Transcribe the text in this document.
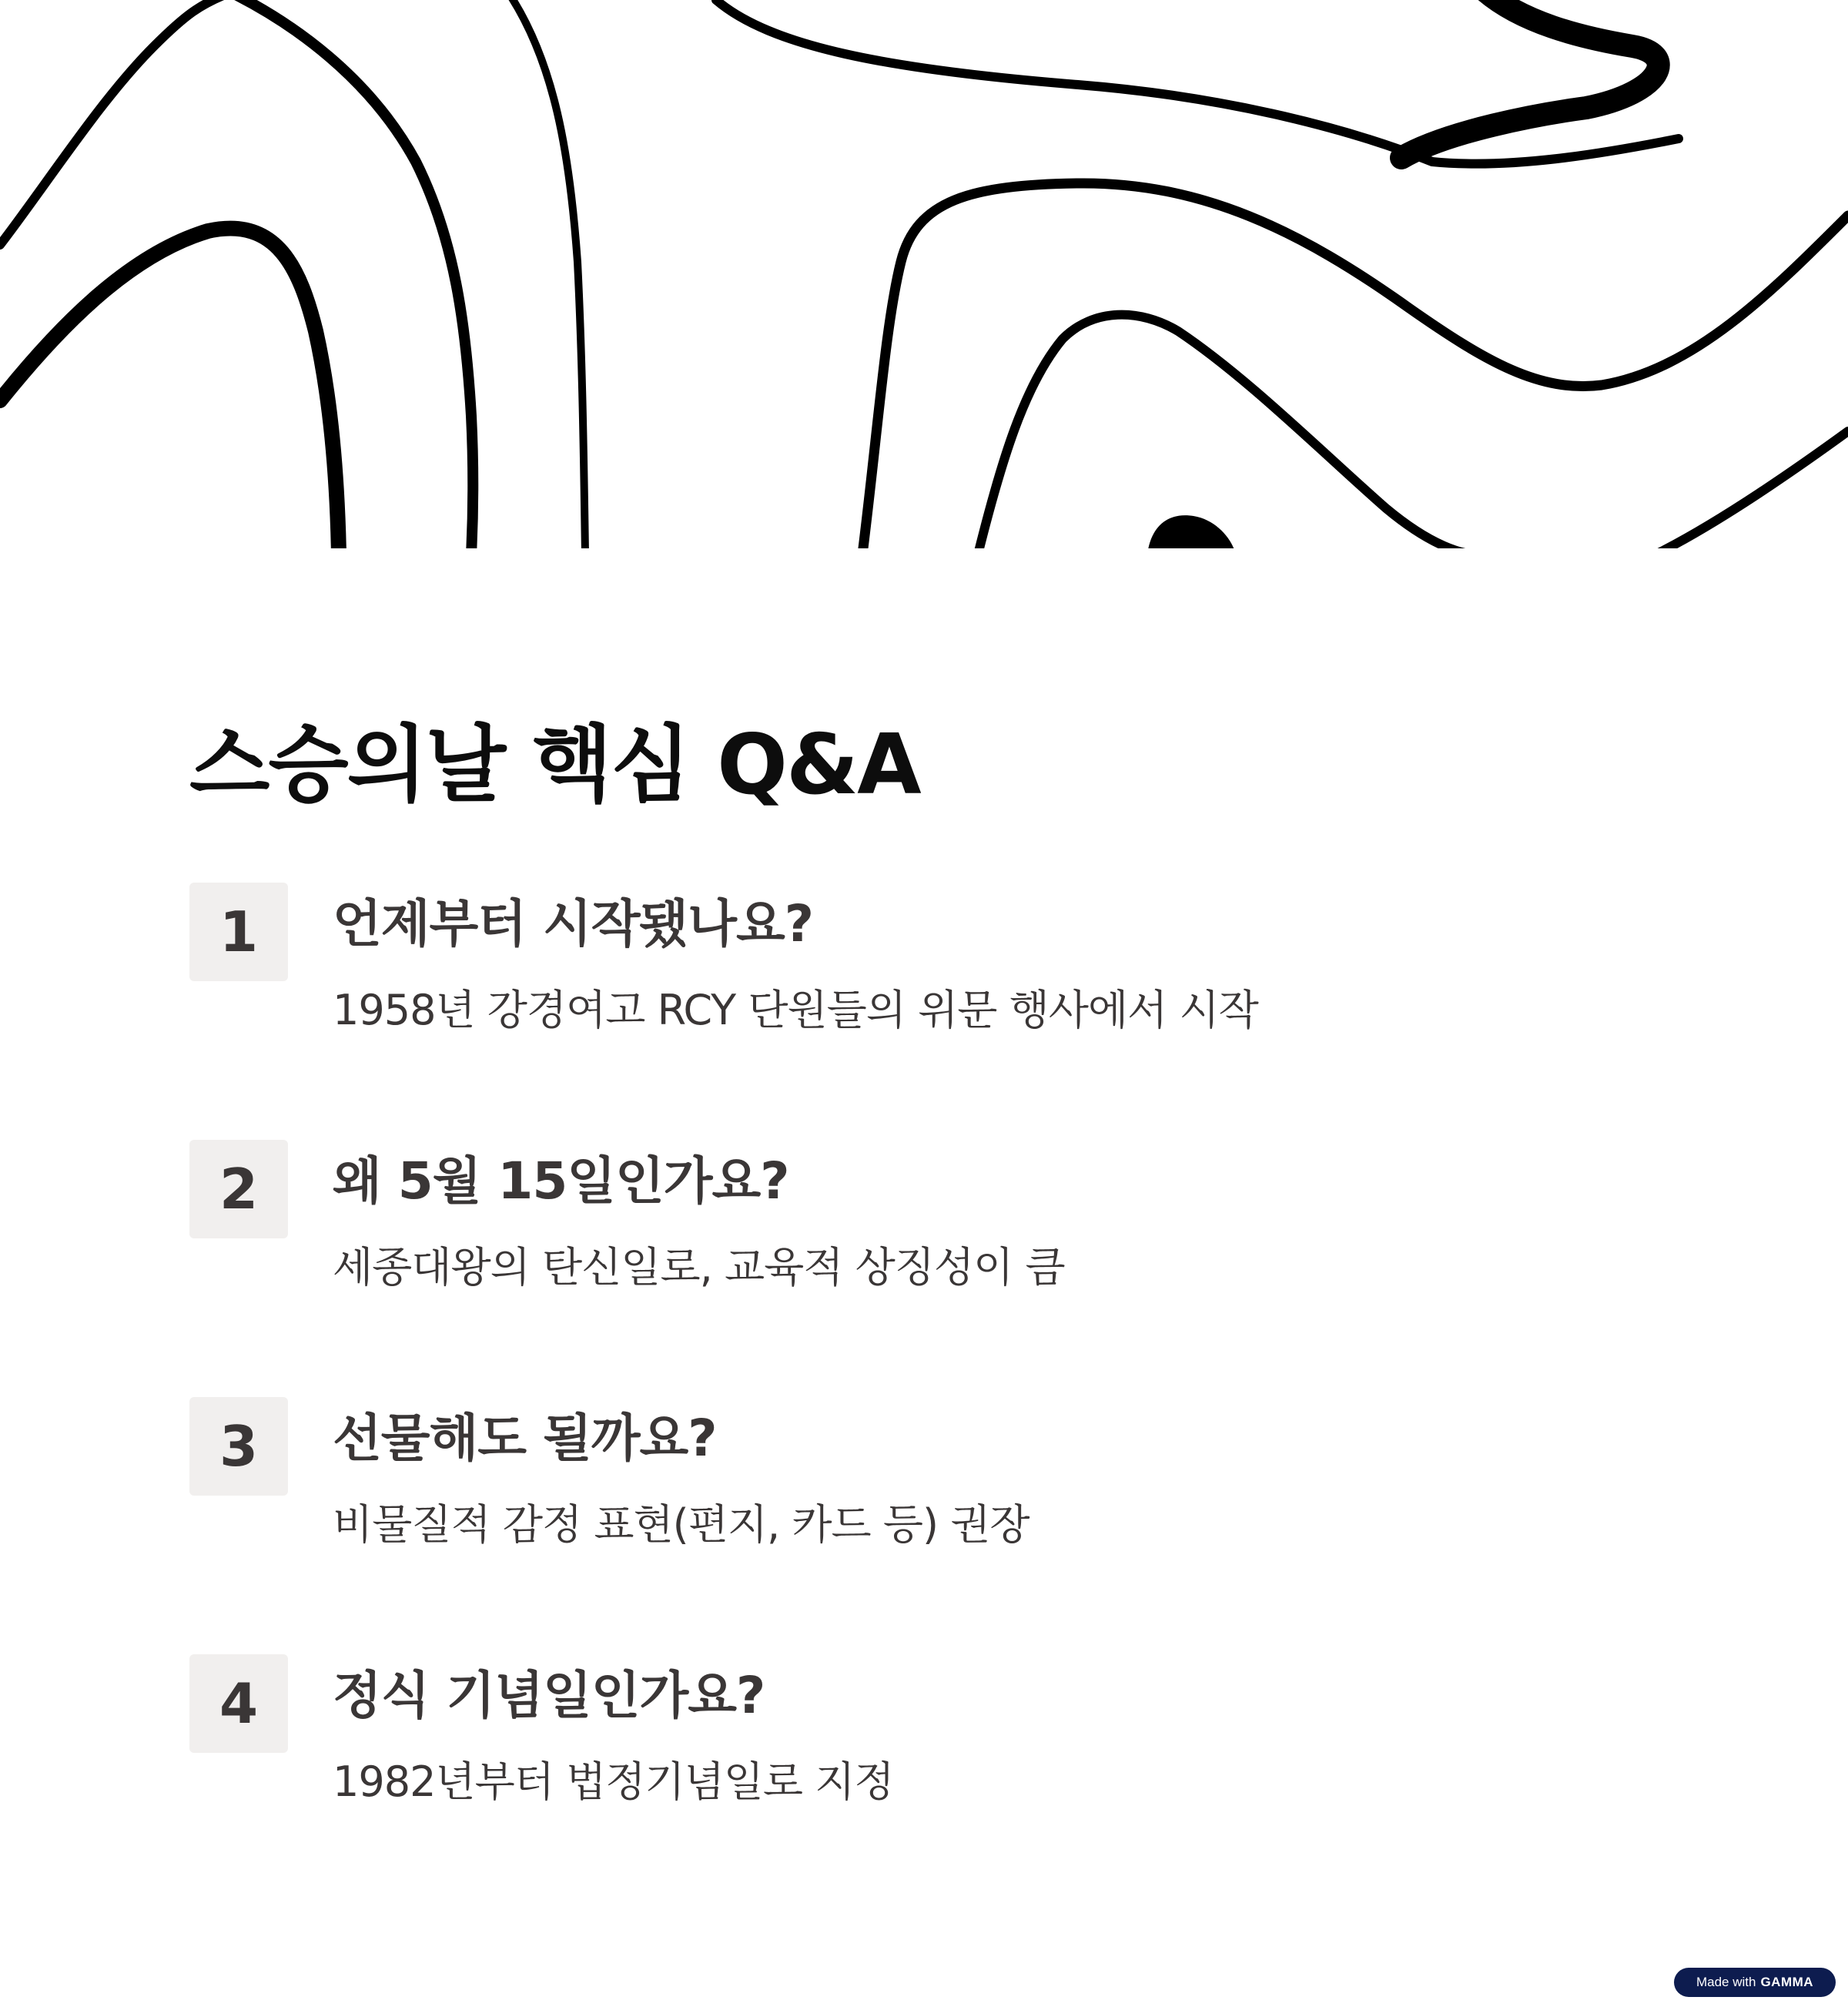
스승의날 핵심 Q&A
1 언제부터 시작됐나요?

1958년 강경여고 RCY 단원들의 위문 행사에서 시작

2 왜 5월 15일인가요?

세종대왕의 탄신일로, 교육적 상징성이 큼

3 선물해도 될까요?

비물질적 감정 표현(편지, 카드 등) 권장

4 정식 기념일인가요?

1982년부터 법정기념일로 지정

Made with GAMMA
